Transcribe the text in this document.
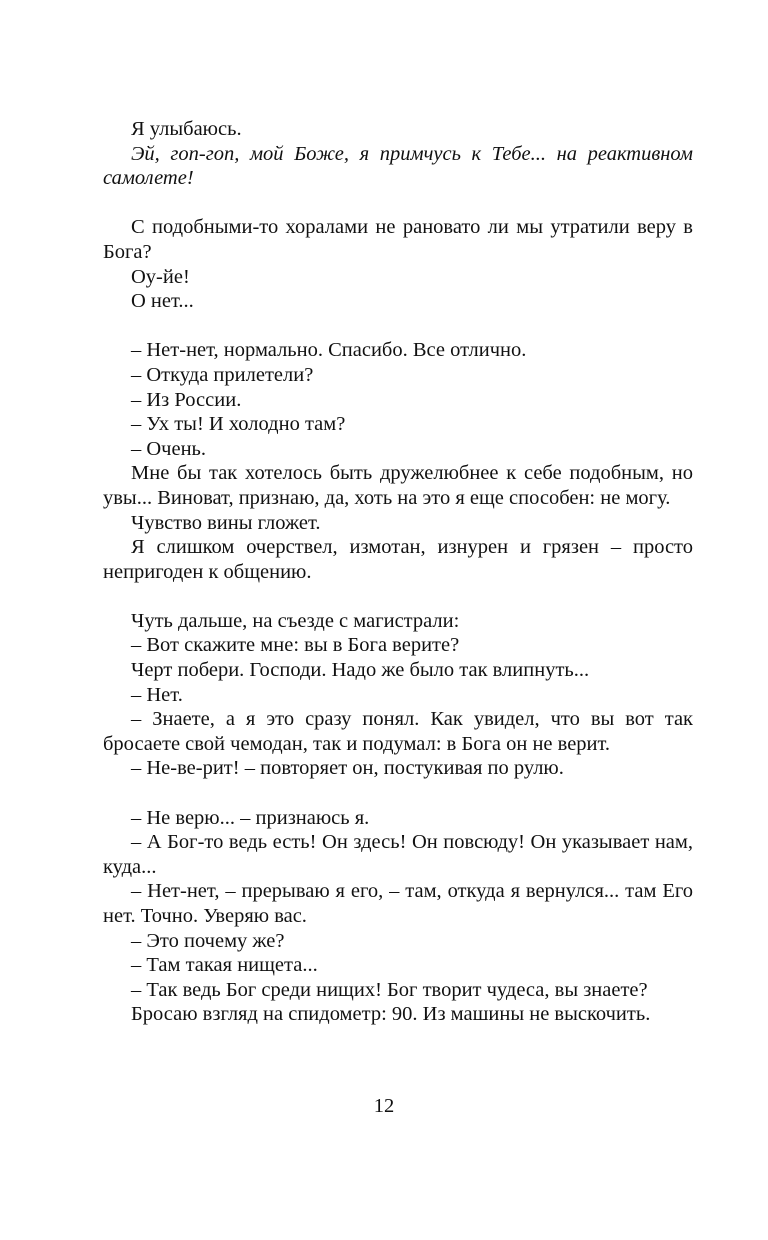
Я улыбаюсь.

Эй, гоп-гоп, мой Боже, я примчусь к Тебе... на реактивном самолете!

С подобными-то хоралами не рановато ли мы утратили веру в Бога?

Оу-йе!

О нет...

– Нет-нет, нормально. Спасибо. Все отлично.

– Откуда прилетели?

– Из России.

– Ух ты! И холодно там?

– Очень.

Мне бы так хотелось быть дружелюбнее к себе подобным, но увы... Виноват, признаю, да, хоть на это я еще способен: не могу.

Чувство вины гложет.

Я слишком очерствел, измотан, изнурен и грязен – просто непригоден к общению.

Чуть дальше, на съезде с магистрали:

– Вот скажите мне: вы в Бога верите?

Черт побери. Господи. Надо же было так влипнуть...

– Нет.

– Знаете, а я это сразу понял. Как увидел, что вы вот так бросаете свой чемодан, так и подумал: в Бога он не верит.

– Не-ве-рит! – повторяет он, постукивая по рулю.

– Не верю... – признаюсь я.

– А Бог-то ведь есть! Он здесь! Он повсюду! Он указывает нам, куда...

– Нет-нет, – прерываю я его, – там, откуда я вернулся... там Его нет. Точно. Уверяю вас.

– Это почему же?

– Там такая нищета...

– Так ведь Бог среди нищих! Бог творит чудеса, вы знаете?

Бросаю взгляд на спидометр: 90. Из машины не выскочить.

12
